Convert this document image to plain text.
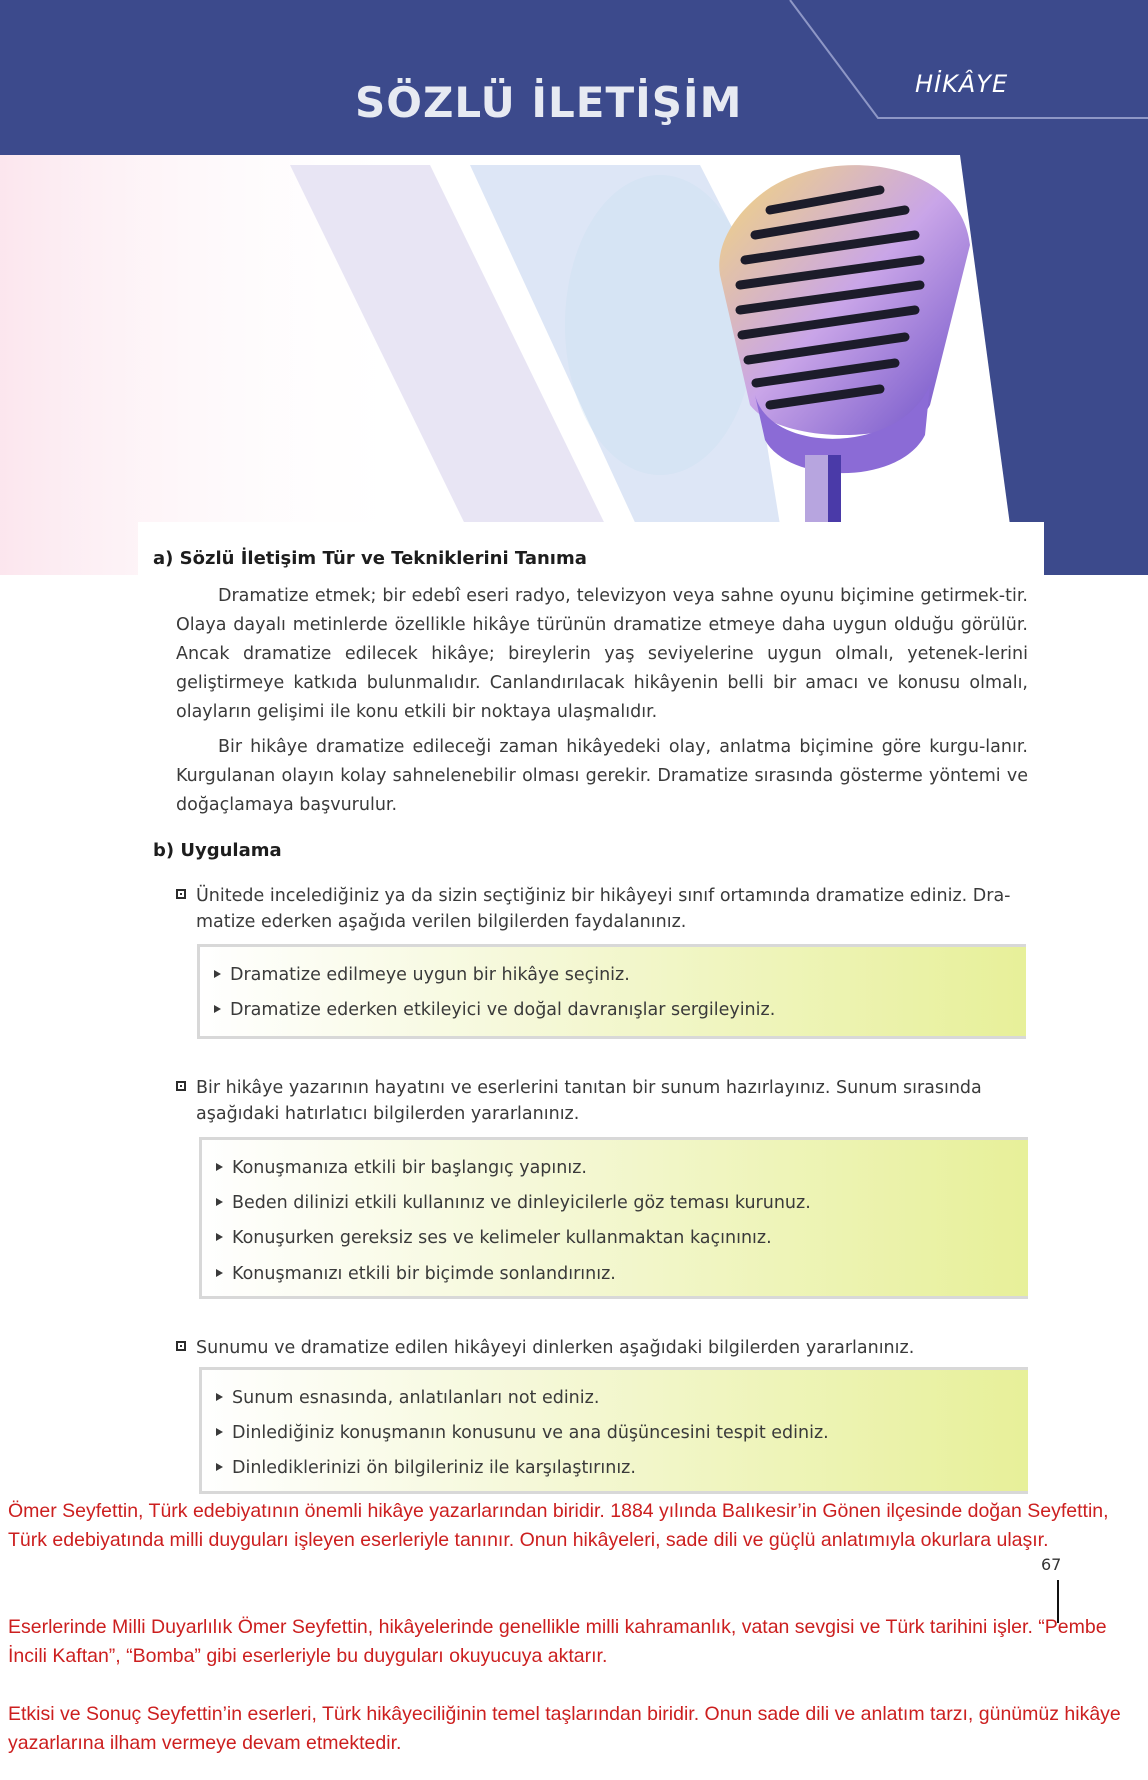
SÖZLÜ İLETİŞİM	HİKÂYE
a) Sözlü İletişim Tür ve Tekniklerini Tanıma

Dramatize etmek; bir edebî eseri radyo, televizyon veya sahne oyunu biçimine getirmek-tir. Olaya dayalı metinlerde özellikle hikâye türünün dramatize etmeye daha uygun olduğu görülür. Ancak dramatize edilecek hikâye; bireylerin yaş seviyelerine uygun olmalı, yetenek-lerini geliştirmeye katkıda bulunmalıdır. Canlandırılacak hikâyenin belli bir amacı ve konusu olmalı, olayların gelişimi ile konu etkili bir noktaya ulaşmalıdır.

Bir hikâye dramatize edileceği zaman hikâyedeki olay, anlatma biçimine göre kurgu-lanır. Kurgulanan olayın kolay sahnelenebilir olması gerekir. Dramatize sırasında gösterme yöntemi ve doğaçlamaya başvurulur.

b) Uygulama
Ünitede incelediğiniz ya da sizin seçtiğiniz bir hikâyeyi sınıf ortamında dramatize ediniz. Dra-matize ederken aşağıda verilen bilgilerden faydalanınız.
Dramatize edilmeye uygun bir hikâye seçiniz.
Dramatize ederken etkileyici ve doğal davranışlar sergileyiniz.
Bir hikâye yazarının hayatını ve eserlerini tanıtan bir sunum hazırlayınız. Sunum sırasında aşağıdaki hatırlatıcı bilgilerden yararlanınız.
Konuşmanıza etkili bir başlangıç yapınız.
Beden dilinizi etkili kullanınız ve dinleyicilerle göz teması kurunuz.
Konuşurken gereksiz ses ve kelimeler kullanmaktan kaçınınız.
Konuşmanızı etkili bir biçimde sonlandırınız.
Sunumu ve dramatize edilen hikâyeyi dinlerken aşağıdaki bilgilerden yararlanınız.
Sunum esnasında, anlatılanları not ediniz.
Dinlediğiniz konuşmanın konusunu ve ana düşüncesini tespit ediniz.
Dinlediklerinizi ön bilgileriniz ile karşılaştırınız.
Ömer Seyfettin, Türk edebiyatının önemli hikâye yazarlarından biridir. 1884 yılında Balıkesir’in Gönen ilçesinde doğan Seyfettin, Türk edebiyatında milli duyguları işleyen eserleriyle tanınır. Onun hikâyeleri, sade dili ve güçlü anlatımıyla okurlara ulaşır.
67
Eserlerinde Milli Duyarlılık Ömer Seyfettin, hikâyelerinde genellikle milli kahramanlık, vatan sevgisi ve Türk tarihini işler. “Pembe İncili Kaftan”, “Bomba” gibi eserleriyle bu duyguları okuyucuya aktarır.
Etkisi ve Sonuç Seyfettin’in eserleri, Türk hikâyeciliğinin temel taşlarından biridir. Onun sade dili ve anlatım tarzı, günümüz hikâye yazarlarına ilham vermeye devam etmektedir.
